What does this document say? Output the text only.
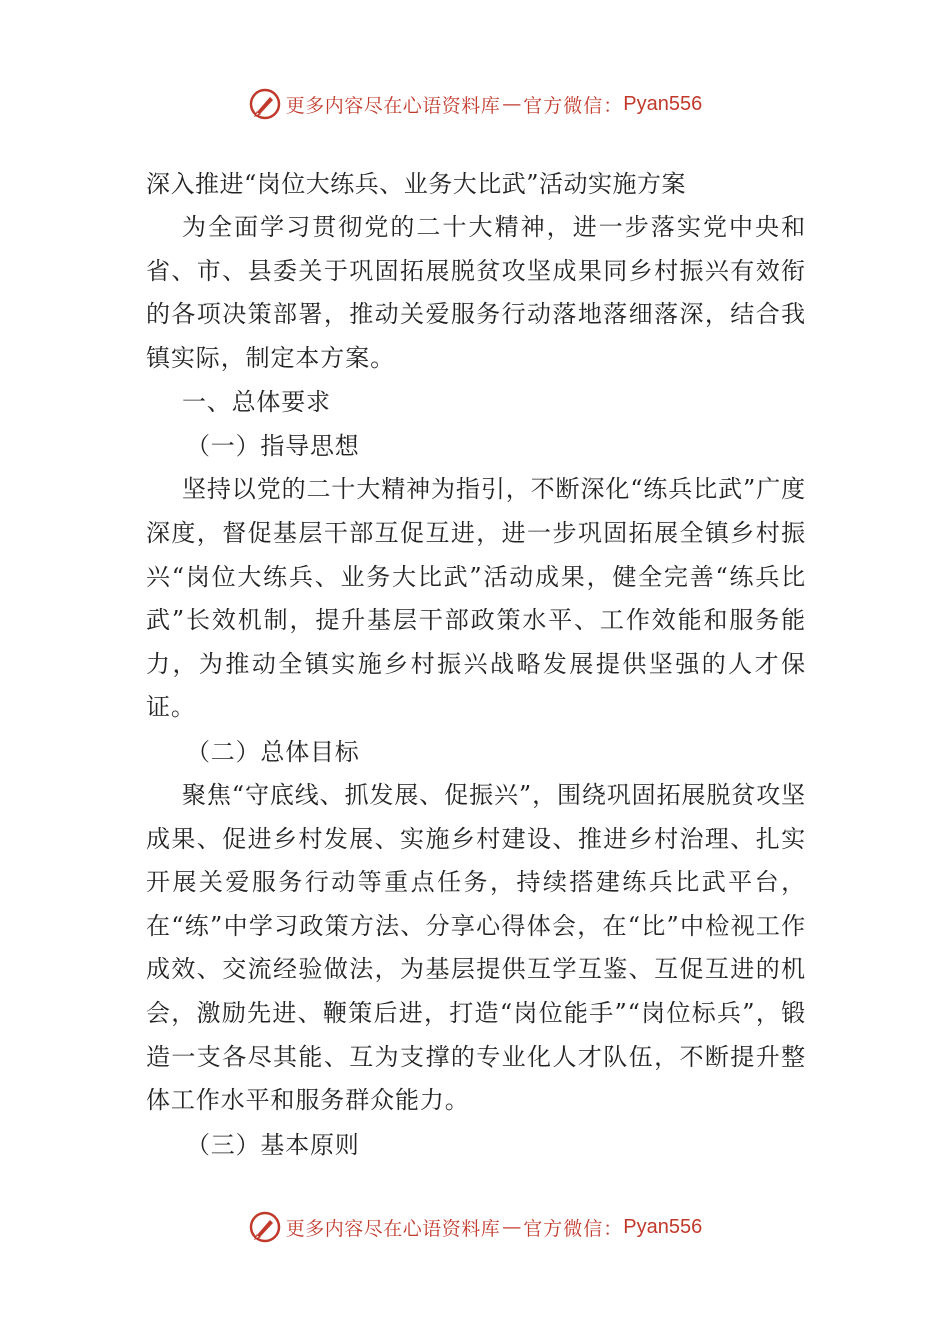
更多内容尽在心语资料库 — 官方微信： Pyan556

深入推进“岗位大练兵、业务大比武”活动实施方案

为全面学习贯彻党的二十大精神，进一步落实党中央和省、市、县委关于巩固拓展脱贫攻坚成果同乡村振兴有效衔的各项决策部署，推动关爱服务行动落地落细落深，结合我镇实际，制定本方案。

一、总体要求

（一）指导思想

坚持以党的二十大精神为指引，不断深化“练兵比武”广度深度，督促基层干部互促互进，进一步巩固拓展全镇乡村振兴“岗位大练兵、业务大比武”活动成果，健全完善“练兵比武”长效机制，提升基层干部政策水平、工作效能和服务能力，为推动全镇实施乡村振兴战略发展提供坚强的人才保证。

（二）总体目标

聚焦“守底线、抓发展、促振兴”，围绕巩固拓展脱贫攻坚成果、促进乡村发展、实施乡村建设、推进乡村治理、扎实开展关爱服务行动等重点任务，持续搭建练兵比武平台，在“练”中学习政策方法、分享心得体会，在“比”中检视工作成效、交流经验做法，为基层提供互学互鉴、互促互进的机会，激励先进、鞭策后进，打造“岗位能手”“岗位标兵”，锻造一支各尽其能、互为支撑的专业化人才队伍，不断提升整体工作水平和服务群众能力。

（三）基本原则

更多内容尽在心语资料库 — 官方微信： Pyan556
